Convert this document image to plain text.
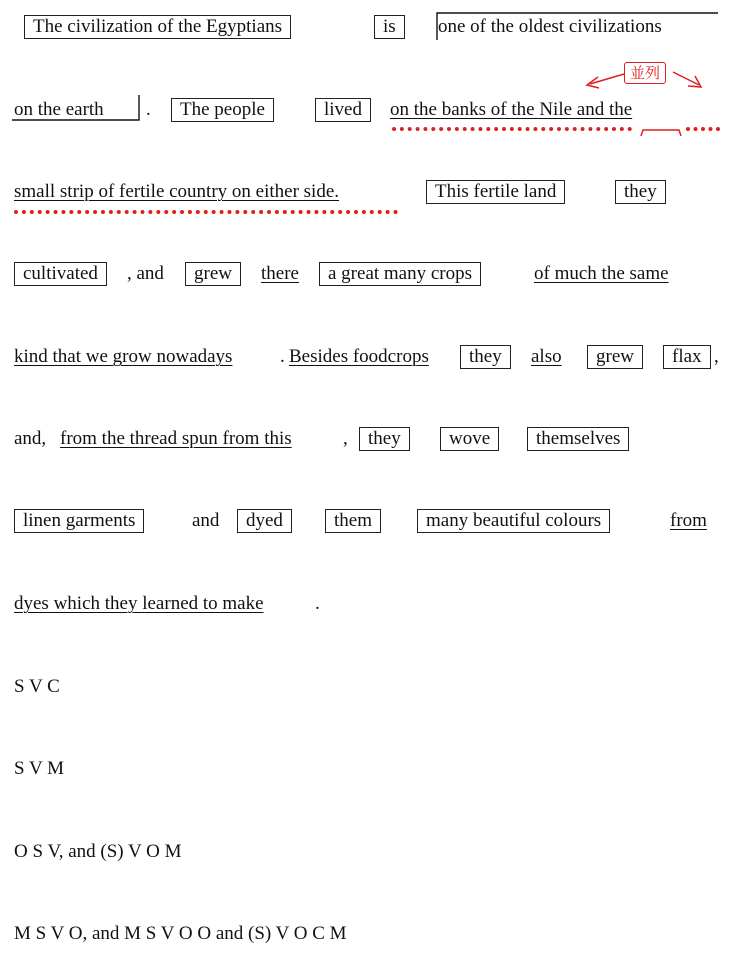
The civilization of the Egyptians	is	one of the oldest civilizations
on the earth .	The people	lived	on the banks of the Nile and the
small strip of fertile country on either side.	This fertile land	they
cultivated	, and	grew	there	a great many crops	of much the same
kind that we grow nowadays	. Besides foodcrops	they	also	grew	flax ,
and, from the thread spun from this	,	they	wove	themselves
linen garments	and	dyed	them	many beautiful colours	from
dyes which they learned to make	.
並列
S V C
S V M
O S V, and (S) V O M
M S V O, and M S V O O and (S) V O C M
